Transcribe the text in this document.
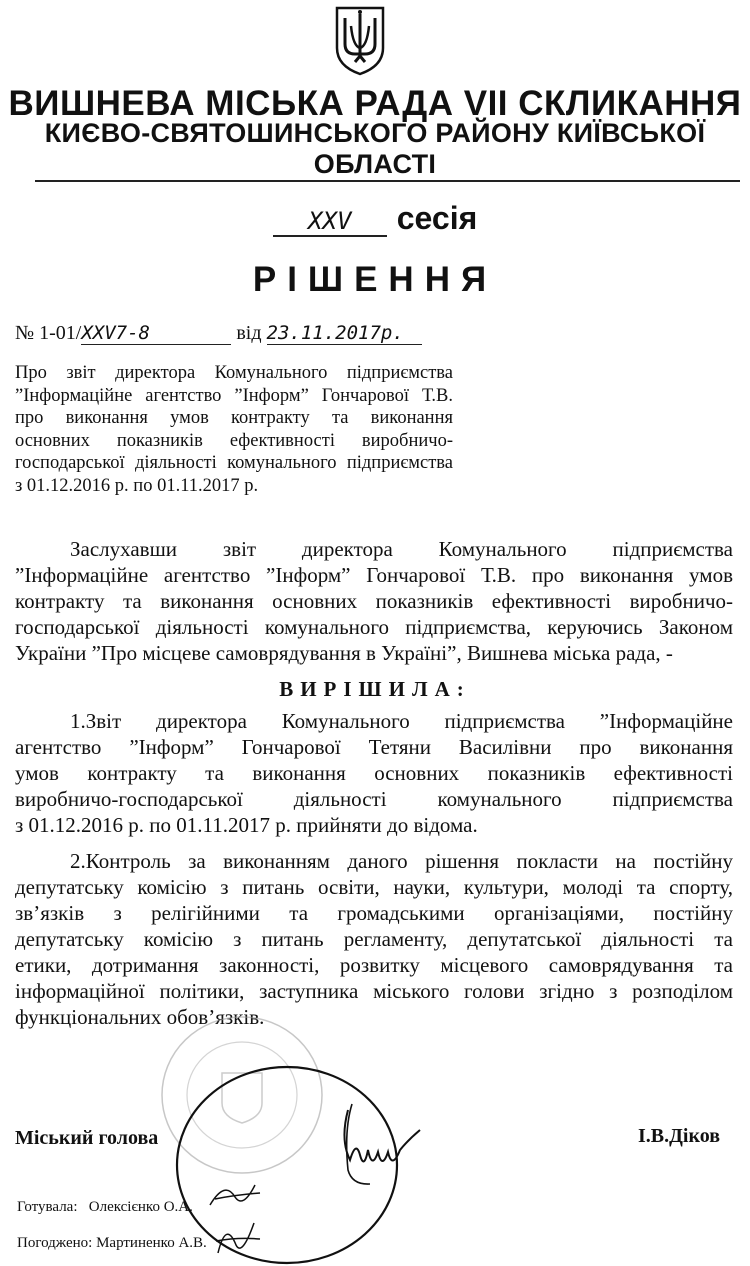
ВИШНЕВА МІСЬКА РАДА VII СКЛИКАННЯ
КИЄВО-СВЯТОШИНСЬКОГО РАЙОНУ КИЇВСЬКОЇ ОБЛАСТІ
XXV сесія
РІШЕННЯ
№ 1-01/XXV7-8	від 23.11.2017р.
Про звіт директора Комунального підприємства
”Інформаційне агентство ”Інформ” Гончарової Т.В.
про виконання умов контракту та виконання
основних показників ефективності виробничо-
господарської діяльності комунального підприємства
з 01.12.2016 р. по 01.11.2017 р.
Заслухавши звіт директора Комунального підприємства
”Інформаційне агентство ”Інформ” Гончарової Т.В. про виконання умов
контракту та виконання основних показників ефективності виробничо-
господарської діяльності комунального підприємства, керуючись Законом
України ”Про місцеве самоврядування в Україні”, Вишнева міська рада, -
ВИРІШИЛА:
1.Звіт директора Комунального підприємства ”Інформаційне
агентство ”Інформ” Гончарової Тетяни Василівни про виконання
умов контракту та виконання основних показників ефективності
виробничо-господарської діяльності комунального підприємства
з 01.12.2016 р. по 01.11.2017 р. прийняти до відома.
2.Контроль за виконанням даного рішення покласти на постійну
депутатську комісію з питань освіти, науки, культури, молоді та спорту,
зв’язків з релігійними та громадськими організаціями, постійну
депутатську комісію з питань регламенту, депутатської діяльності та
етики, дотримання законності, розвитку місцевого самоврядування та
інформаційної політики, заступника міського голови згідно з розподілом
функціональних обов’язків.
Міський голова	І.В.Діков
Готувала:   Олексієнко О.А.
Погоджено: Мартиненко А.В.
